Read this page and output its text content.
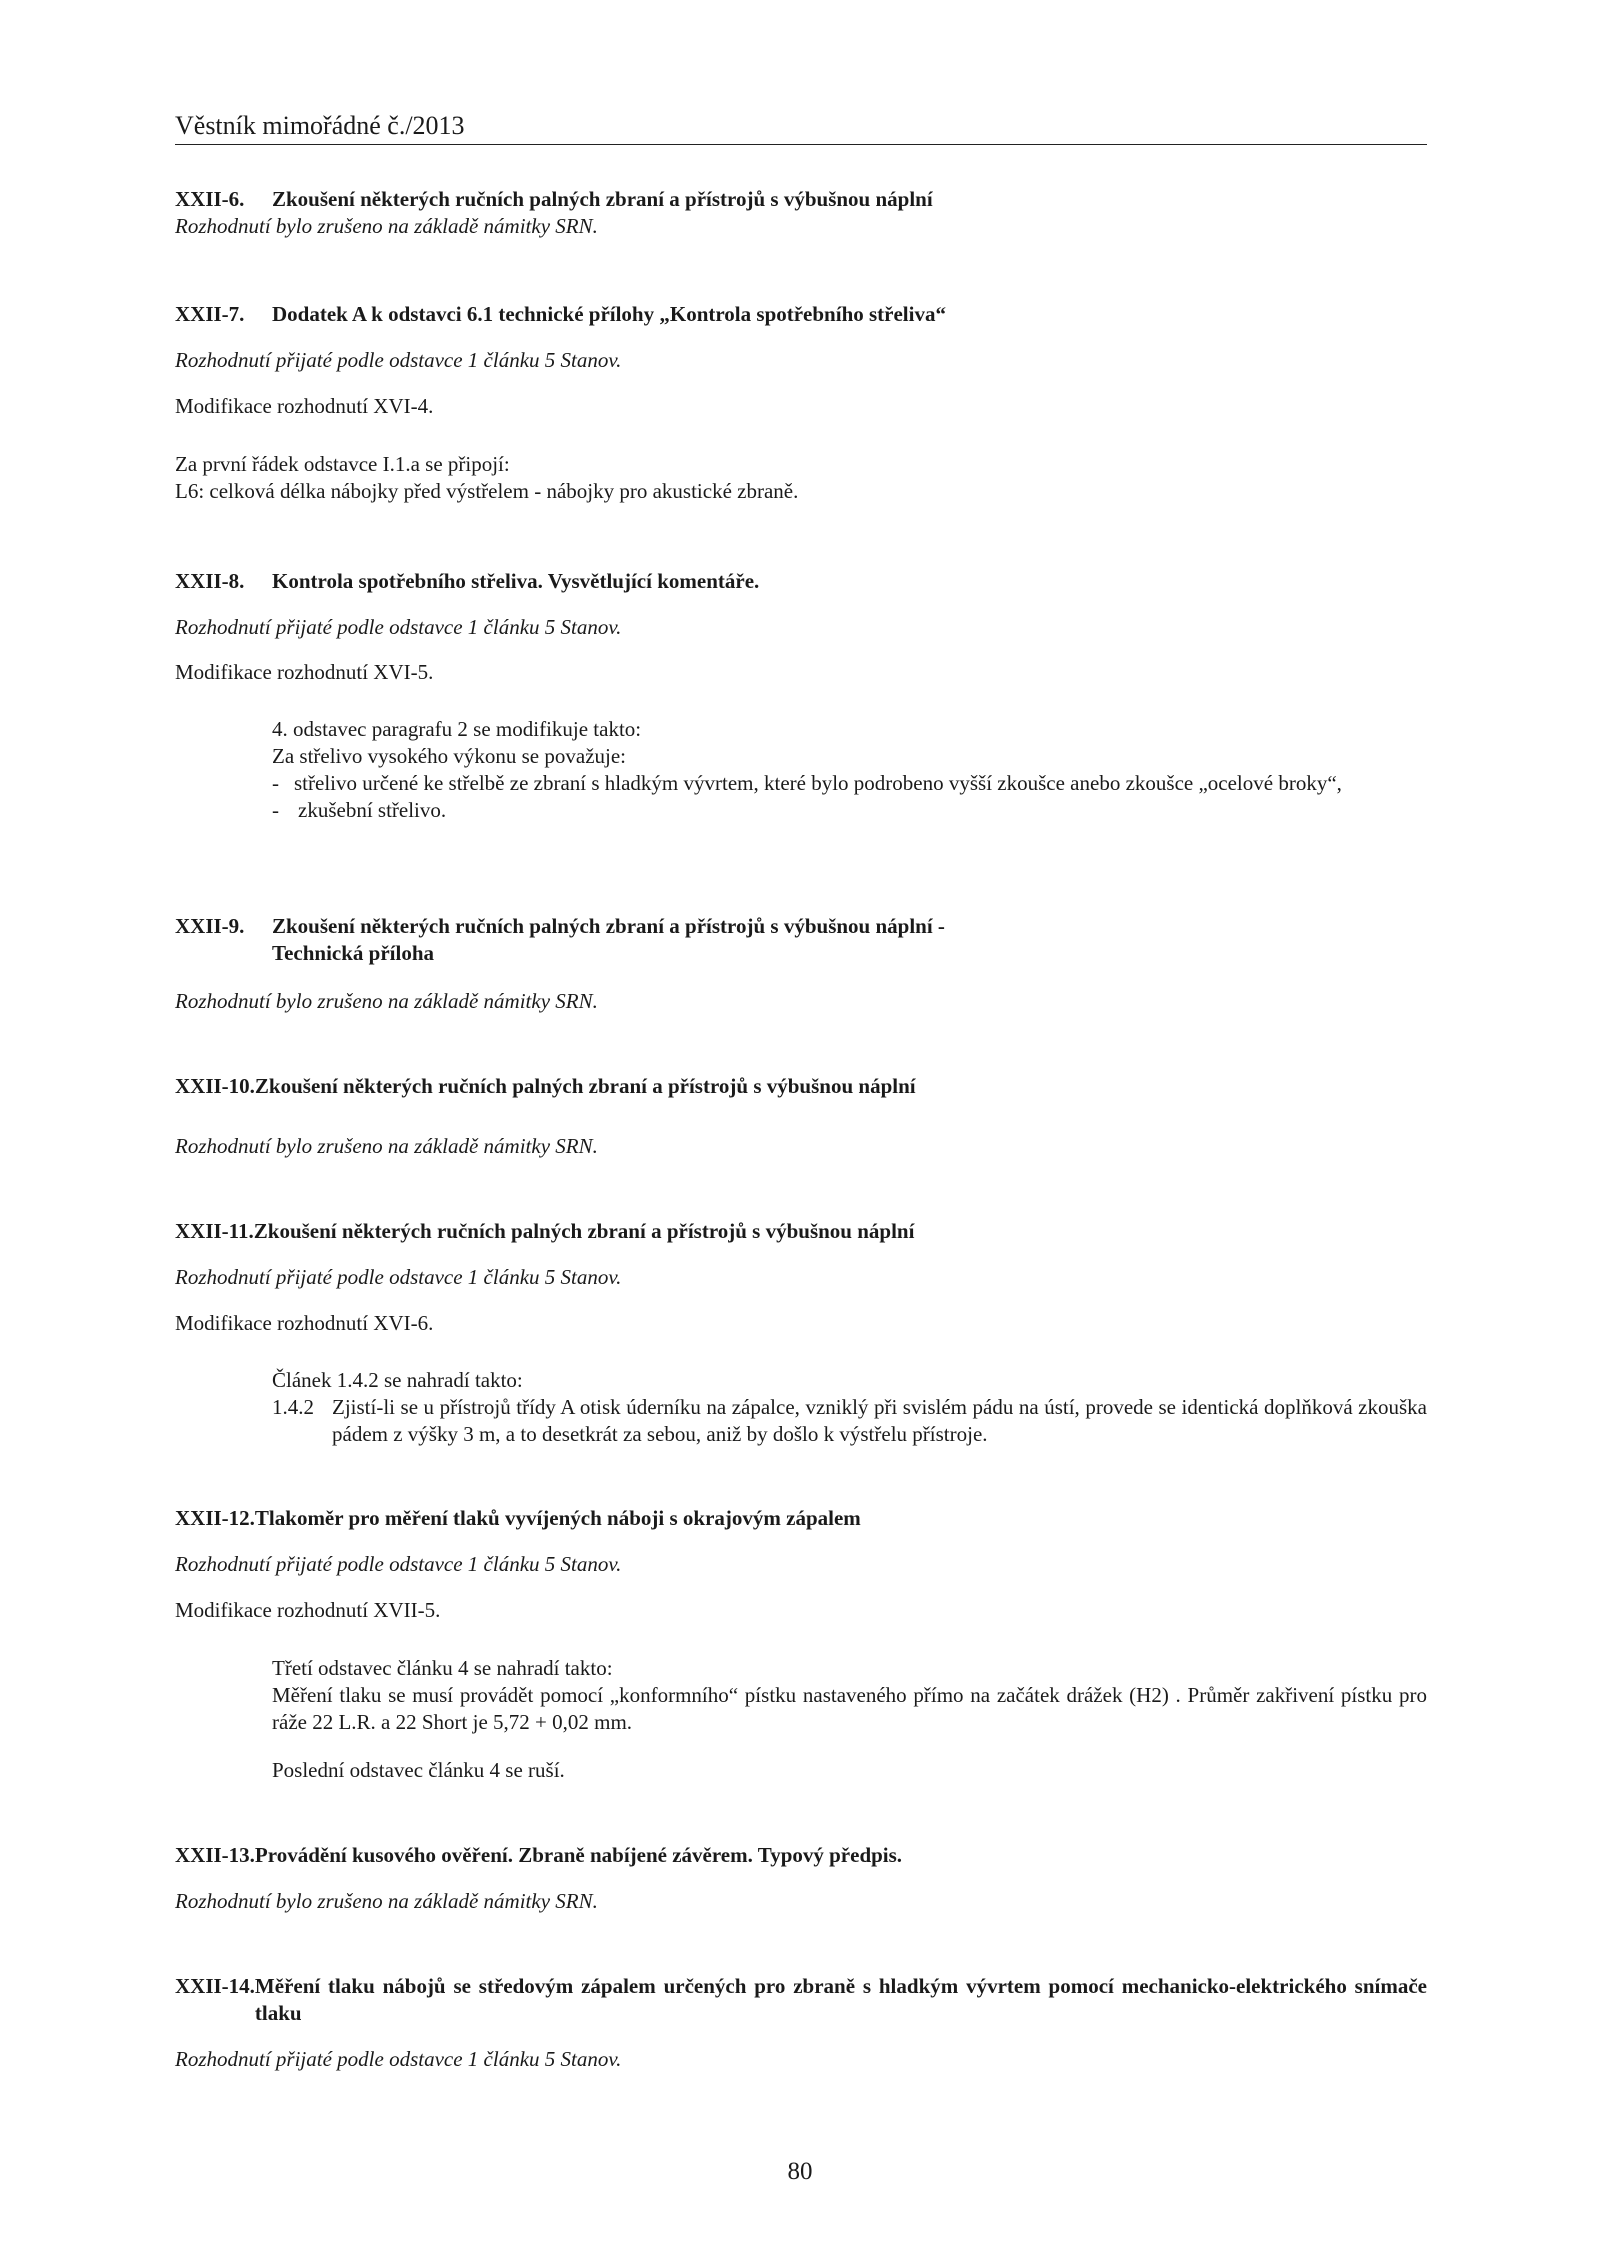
Věstník mimořádné č./2013
XXII-6.	Zkoušení některých ručních palných zbraní a přístrojů s výbušnou náplní

Rozhodnutí bylo zrušeno na základě námitky SRN.

XXII-7.	Dodatek A k odstavci 6.1 technické přílohy „Kontrola spotřebního střeliva“
Rozhodnutí přijaté podle odstavce 1 článku 5 Stanov.
Modifikace rozhodnutí XVI-4.
Za první řádek odstavce I.1.a se připojí:
L6: celková délka nábojky před výstřelem - nábojky pro akustické zbraně.
XXII-8.	Kontrola spotřebního střeliva. Vysvětlující komentáře.
Rozhodnutí přijaté podle odstavce 1 článku 5 Stanov.
Modifikace rozhodnutí XVI-5.

4. odstavec paragrafu 2 se modifikuje takto:

Za střelivo vysokého výkonu se považuje:

- střelivo určené ke střelbě ze zbraní s hladkým vývrtem, které bylo podrobeno vyšší zkoušce anebo zkoušce „ocelové broky“,
- zkušební střelivo.
XXII-9.	Zkoušení některých ručních palných zbraní a přístrojů s výbušnou náplní -
Technická příloha
Rozhodnutí bylo zrušeno na základě námitky SRN.
XXII-10. Zkoušení některých ručních palných zbraní a přístrojů s výbušnou náplní
Rozhodnutí bylo zrušeno na základě námitky SRN.
XXII-11. Zkoušení některých ručních palných zbraní a přístrojů s výbušnou náplní
Rozhodnutí přijaté podle odstavce 1 článku 5 Stanov.
Modifikace rozhodnutí XVI-6.

Článek 1.4.2 se nahradí takto:

1.4.2 Zjistí-li se u přístrojů třídy A otisk úderníku na zápalce, vzniklý při svislém pádu na ústí, provede se identická doplňková zkouška pádem z výšky 3 m, a to desetkrát za sebou, aniž by došlo k výstřelu přístroje.
XXII-12. Tlakoměr pro měření tlaků vyvíjených náboji s okrajovým zápalem
Rozhodnutí přijaté podle odstavce 1 článku 5 Stanov.
Modifikace rozhodnutí XVII-5.

Třetí odstavec článku 4 se nahradí takto:

Měření tlaku se musí provádět pomocí „konformního“ pístku nastaveného přímo na začátek drážek (H2) . Průměr zakřivení pístku pro ráže 22 L.R. a 22 Short je 5,72 + 0,02 mm.

Poslední odstavec článku 4 se ruší.
XXII-13. Provádění kusového ověření. Zbraně nabíjené závěrem. Typový předpis.
Rozhodnutí bylo zrušeno na základě námitky SRN.
XXII-14. Měření tlaku nábojů se středovým zápalem určených pro zbraně s hladkým vývrtem pomocí mechanicko-elektrického snímače tlaku
Rozhodnutí přijaté podle odstavce 1 článku 5 Stanov.
80
